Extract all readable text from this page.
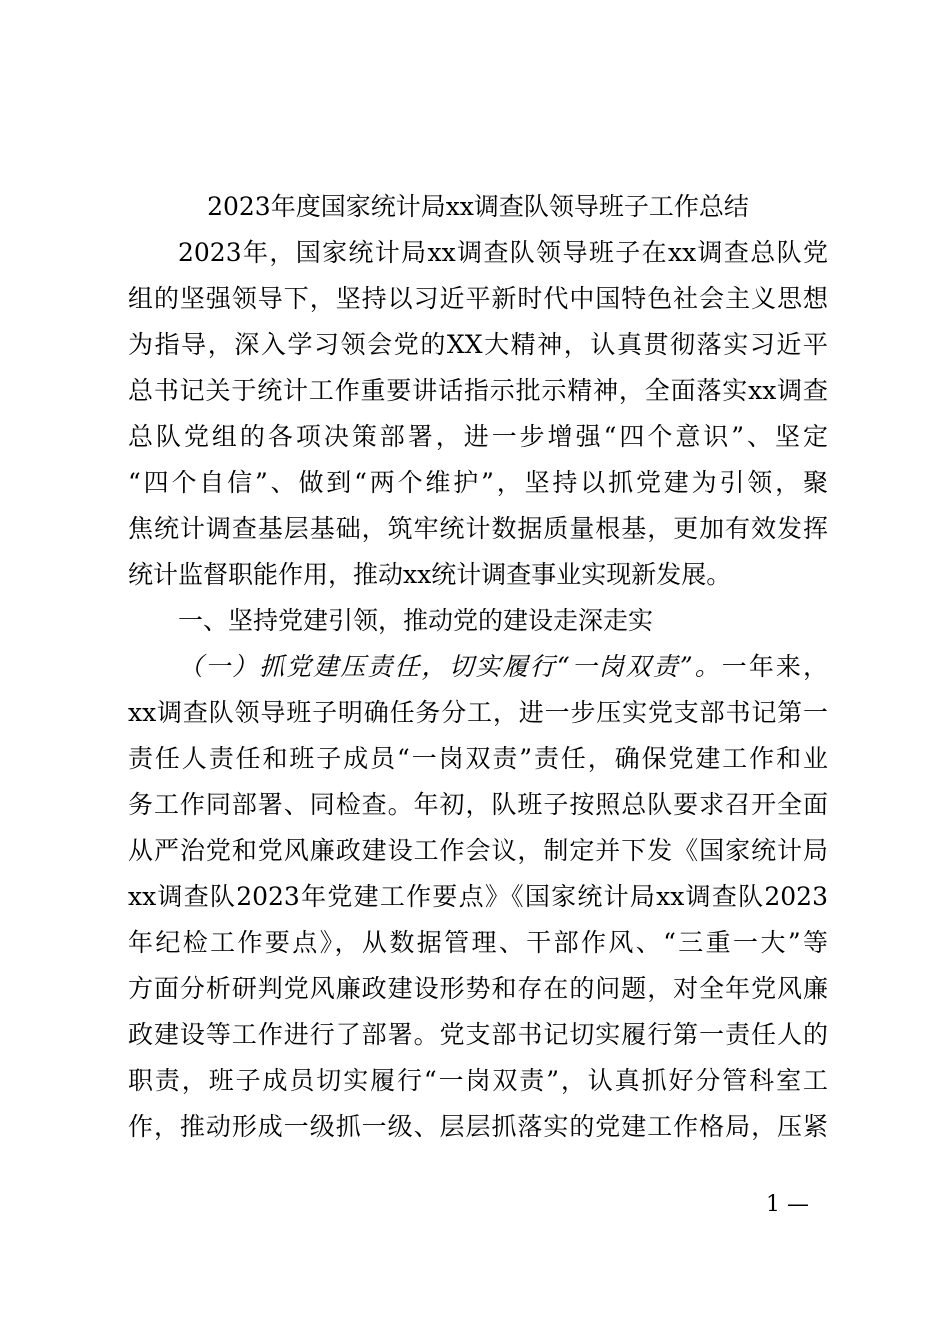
2023年度国家统计局xx调查队领导班子工作总结

2023年，国家统计局xx调查队领导班子在xx调查总队党

组的坚强领导下，坚持以习近平新时代中国特色社会主义思想

为指导，深入学习领会党的XX大精神，认真贯彻落实习近平

总书记关于统计工作重要讲话指示批示精神，全面落实xx调查

总队党组的各项决策部署，进一步增强“四个意识”、坚定

“四个自信”、做到“两个维护”，坚持以抓党建为引领，聚

焦统计调查基层基础，筑牢统计数据质量根基，更加有效发挥

统计监督职能作用，推动xx统计调查事业实现新发展。

一、坚持党建引领，推动党的建设走深走实

（一）抓党建压责任，切实履行“一岗双责”。一年来，

xx调查队领导班子明确任务分工，进一步压实党支部书记第一

责任人责任和班子成员“一岗双责”责任，确保党建工作和业

务工作同部署、同检查。年初，队班子按照总队要求召开全面

从严治党和党风廉政建设工作会议，制定并下发《国家统计局

xx调查队2023年党建工作要点》《国家统计局xx调查队2023

年纪检工作要点》，从数据管理、干部作风、“三重一大”等

方面分析研判党风廉政建设形势和存在的问题，对全年党风廉

政建设等工作进行了部署。党支部书记切实履行第一责任人的

职责，班子成员切实履行“一岗双责”，认真抓好分管科室工

作，推动形成一级抓一级、层层抓落实的党建工作格局，压紧

1 —
